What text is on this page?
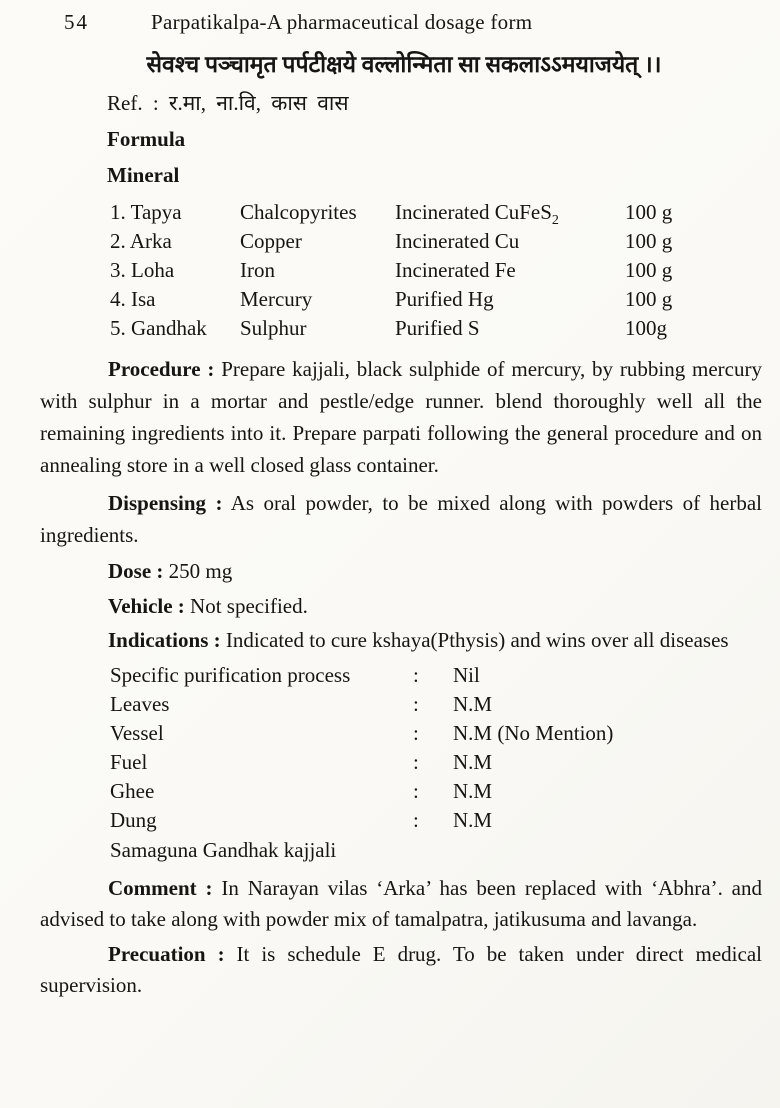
54	Parpatikalpa-A pharmaceutical dosage form
सेवश्च पञ्चामृत पर्पटीक्षये वल्लोन्मिता सा सकलाऽऽमयाजयेत् ।।
Ref. : र.मा, ना.वि, कास वास
Formula
Mineral
1. Tapya	Chalcopyrites	Incinerated CuFeS$_2$	100 g
2. Arka	Copper	Incinerated Cu	100 g
3. Loha	Iron	Incinerated Fe	100 g
4. Isa	Mercury	Purified Hg	100 g
5. Gandhak	Sulphur	Purified S	100g

Procedure : Prepare kajjali, black sulphide of mercury, by rubbing mercury with sulphur in a mortar and pestle/edge runner. blend thoroughly well all the remaining ingredients into it. Prepare parpati following the general procedure and on annealing store in a well closed glass container.

Dispensing : As oral powder, to be mixed along with powders of herbal ingredients.

Dose : 250 mg

Vehicle : Not specified.

Indications : Indicated to cure kshaya(Pthysis) and wins over all diseases

Specific purification process	:	Nil
Leaves	:	N.M
Vessel	:	N.M (No Mention)
Fuel	:	N.M
Ghee	:	N.M
Dung	:	N.M
Samaguna Gandhak kajjali

Comment : In Narayan vilas ‘Arka’ has been replaced with ‘Abhra’. and advised to take along with powder mix of tamalpatra, jatikusuma and lavanga.

Precuation : It is schedule E drug. To be taken under direct medical supervision.
